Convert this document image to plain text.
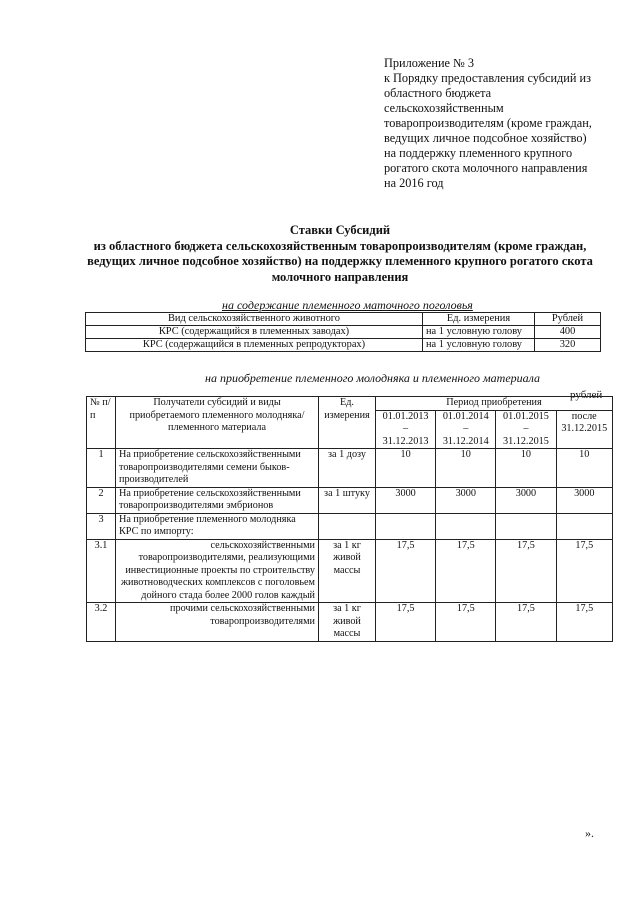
Приложение № 3
к Порядку предоставления субсидий из
областного бюджета
сельскохозяйственным
товаропроизводителям (кроме граждан,
ведущих личное подсобное хозяйство)
на поддержку племенного крупного
рогатого скота молочного направления
на 2016 год
Ставки Субсидий
из областного бюджета сельскохозяйственным товаропроизводителям (кроме граждан,
ведущих личное подсобное хозяйство) на поддержку племенного крупного рогатого скота
молочного направления
на содержание племенного маточного поголовья
Вид сельскохозяйственного животного	Ед. измерения	Рублей
КРС (содержащийся в племенных заводах)	на 1 условную голову	400
КРС (содержащийся в племенных репродукторах)	на 1 условную голову	320
на приобретение племенного молодняка и племенного материала
рублей
№ п/п	Получатели субсидий и виды приобретаемого племенного молодняка/племенного материала	Ед. измерения	Период приобретения			
			01.01.2013 – 31.12.2013	01.01.2014 – 31.12.2014	01.01.2015 – 31.12.2015	после 31.12.2015
1	На приобретение сельскохозяйственными товаропроизводителями семени быков-производителей	за 1 дозу	10	10	10	10
2	На приобретение сельскохозяйственными товаропроизводителями эмбрионов	за 1 штуку	3000	3000	3000	3000
3	На приобретение племенного молодняка КРС по импорту:					
3.1	сельскохозяйственными товаропроизводителями, реализующими инвестиционные проекты по строительству животноводческих комплексов с поголовьем дойного стада более 2000 голов каждый	за 1 кг живой массы	17,5	17,5	17,5	17,5
3.2	прочими сельскохозяйственными товаропроизводителями	за 1 кг живой массы	17,5	17,5	17,5	17,5
».
